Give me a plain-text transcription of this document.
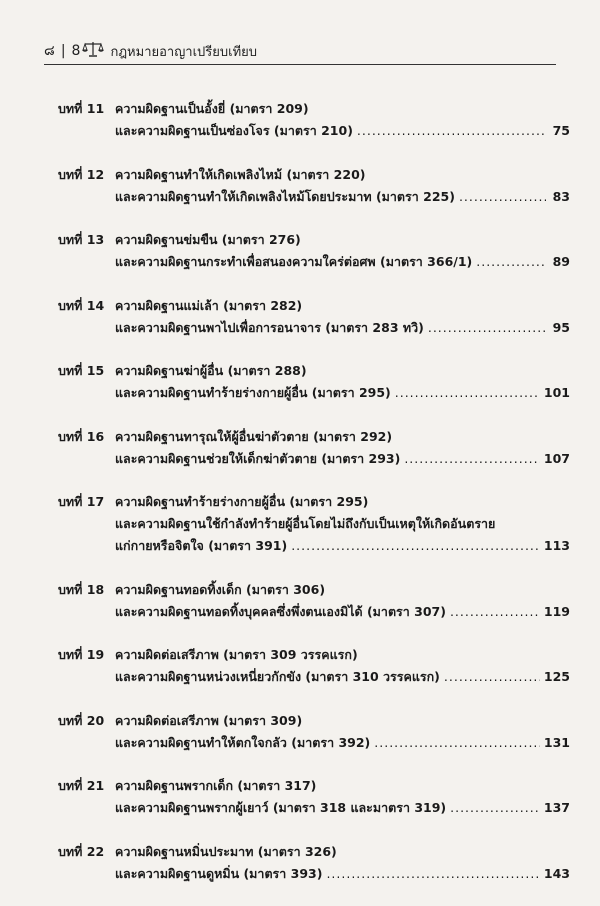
๘ | 8 กฎหมายอาญาเปรียบเทียบ
บทที่ 11 ความผิดฐานเป็นอั้งยี่ (มาตรา 209)
และความผิดฐานเป็นซ่องโจร (มาตรา 210) .....	75
บทที่ 12 ความผิดฐานทำให้เกิดเพลิงไหม้ (มาตรา 220)
และความผิดฐานทำให้เกิดเพลิงไหม้โดยประมาท (มาตรา 225) .....	83
บทที่ 13 ความผิดฐานข่มขืน (มาตรา 276)
และความผิดฐานกระทำเพื่อสนองความใคร่ต่อศพ (มาตรา 366/1) .....	89
บทที่ 14 ความผิดฐานแม่เล้า (มาตรา 282)
และความผิดฐานพาไปเพื่อการอนาจาร (มาตรา 283 ทวิ) .....	95
บทที่ 15 ความผิดฐานฆ่าผู้อื่น (มาตรา 288)
และความผิดฐานทำร้ายร่างกายผู้อื่น (มาตรา 295) .....	101
บทที่ 16 ความผิดฐานทารุณให้ผู้อื่นฆ่าตัวตาย (มาตรา 292)
และความผิดฐานช่วยให้เด็กฆ่าตัวตาย (มาตรา 293) .....	107
บทที่ 17 ความผิดฐานทำร้ายร่างกายผู้อื่น (มาตรา 295)
และความผิดฐานใช้กำลังทำร้ายผู้อื่นโดยไม่ถึงกับเป็นเหตุให้เกิดอันตราย
แก่กายหรือจิตใจ (มาตรา 391) .....	113
บทที่ 18 ความผิดฐานทอดทิ้งเด็ก (มาตรา 306)
และความผิดฐานทอดทิ้งบุคคลซึ่งพึ่งตนเองมิได้ (มาตรา 307) .....	119
บทที่ 19 ความผิดต่อเสรีภาพ (มาตรา 309 วรรคแรก)
และความผิดฐานหน่วงเหนี่ยวกักขัง (มาตรา 310 วรรคแรก) .....	125
บทที่ 20 ความผิดต่อเสรีภาพ (มาตรา 309)
และความผิดฐานทำให้ตกใจกลัว (มาตรา 392) .....	131
บทที่ 21 ความผิดฐานพรากเด็ก (มาตรา 317)
และความผิดฐานพรากผู้เยาว์ (มาตรา 318 และมาตรา 319) .....	137
บทที่ 22 ความผิดฐานหมิ่นประมาท (มาตรา 326)
และความผิดฐานดูหมิ่น (มาตรา 393) .....	143
